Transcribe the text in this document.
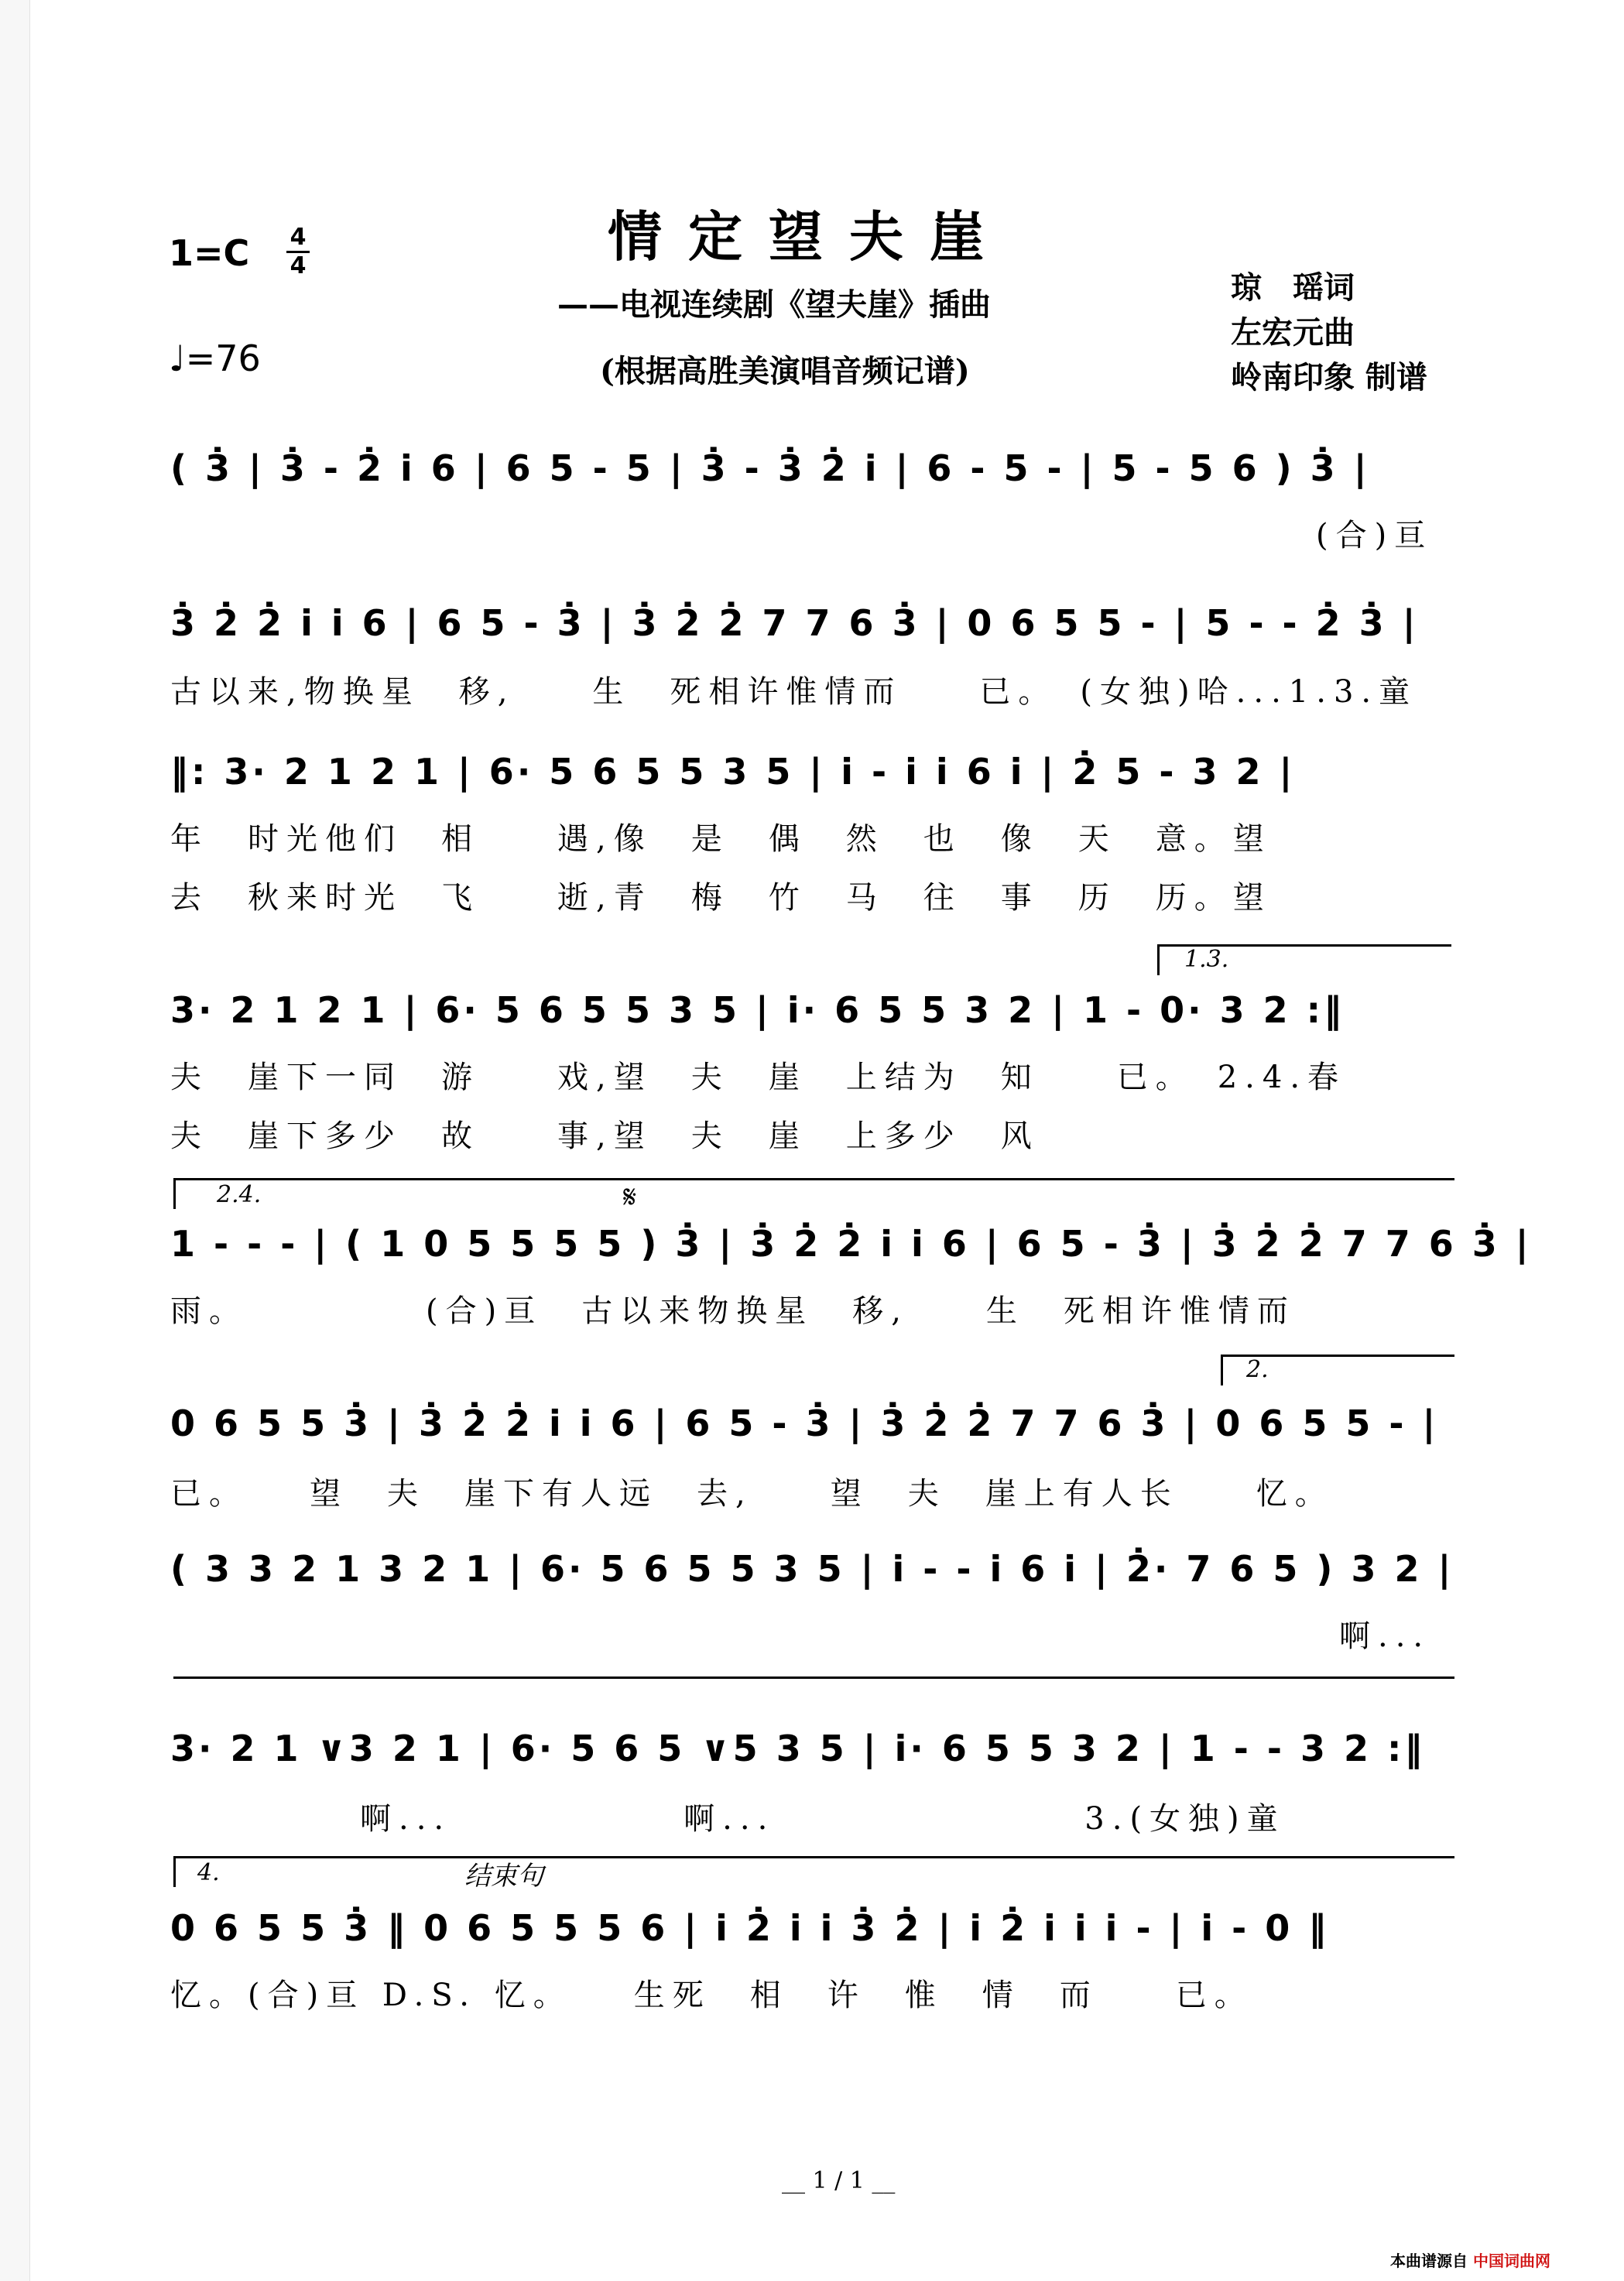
1=C 4
4
♩=76
情定望夫崖
——电视连续剧《望夫崖》插曲
(根据高胜美演唱音频记谱)
琼　瑶词
左宏元曲
岭南印象 制谱
( 3̇ | 3̇ - 2̇ i̇ 6 | 6 5 - 5 | 3̇ - 3̇ 2̇ i̇ | 6 - 5 - | 5 - 5 6 ) 3̇ |
(合)亘
3̇ 2̇ 2̇ i̇ i̇ 6 | 6 5 - 3̇ | 3̇ 2̇ 2̇ 7 7 6 3̇ | 0 6 5 5 - | 5 - - 2̇ 3̇ |
古以来,物换星　移,　　生　死相许惟情而　　已。　(女独)哈...1.3.童
‖: 3· 2 1 2 1 | 6· 5 6 5 5 3 5 | i̇ - i̇ i̇ 6 i̇ | 2̇ 5 - 3 2 |
年　时光他们　相　　遇,像　是　偶　然　也　像　天　意。望
去　秋来时光　飞　　逝,青　梅　竹　马　往　事　历　历。望
1.3.
3· 2 1 2 1 | 6· 5 6 5 5 3 5 | i̇· 6 5 5 3 2 | 1 - 0· 3 2 :‖
夫　崖下一同　游　　戏,望　夫　崖　上结为　知　　已。　2.4.春
夫　崖下多少　故　　事,望　夫　崖　上多少　风
2.4.	𝄋
1 - - - | ( 1 0 5 5 5 5 ) 3̇ | 3̇ 2̇ 2̇ i̇ i̇ 6 | 6 5 - 3̇ | 3̇ 2̇ 2̇ 7 7 6 3̇ |
雨。　　　　　(合)亘　古以来物换星　移,　　生　死相许惟情而
2.
0 6 5 5 3̇ | 3̇ 2̇ 2̇ i̇ i̇ 6 | 6 5 - 3̇ | 3̇ 2̇ 2̇ 7 7 6 3̇ | 0 6 5 5 - |
已。　　望　夫　崖下有人远　去,　　望　夫　崖上有人长　　忆。
( 3 3 2 1 3 2 1 | 6· 5 6 5 5 3 5 | i̇ - - i̇ 6 i̇ | 2̇· 7 6 5 ) 3 2 |
啊...
3· 2 1 ∨3 2 1 | 6· 5 6 5 ∨5 3 5 | i̇· 6 5 5 3 2 | 1 - - 3 2 :‖
啊...　　　　　　啊...　　　　　　　　3.(女独)童
4.	结束句
0 6 5 5 3̇ ‖ 0 6 5 5 5 6 | i̇ 2̇ i̇ i̇ 3̇ 2̇ | i̇ 2̇ i̇ i̇ i̇ - | i̇ - 0 ‖
忆。(合)亘 D.S. 忆。　　生死　相　许　惟　情　而　　已。
__ 1 / 1 __
本曲谱源自 中国词曲网
